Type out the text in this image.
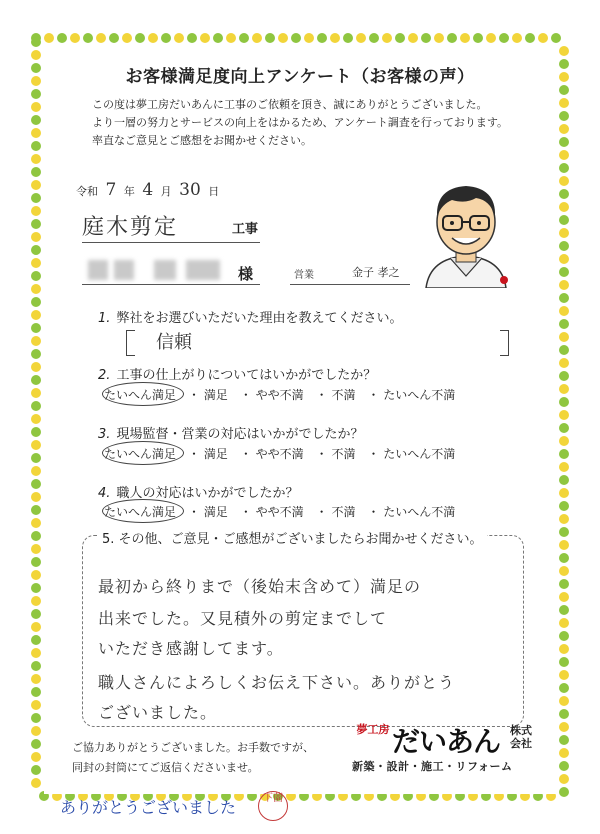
お客様満足度向上アンケート（お客様の声）
この度は夢工房だいあんに工事のご依頼を頂き、誠にありがとうございました。
より一層の努力とサービスの向上をはかるため、アンケート調査を行っております。
率直なご意見とご感想をお聞かせください。
令和 7 年 4 月 30 日
庭木剪定	工事
様	営業	金子 孝之
1. 弊社をお選びいただいた理由を教えてください。
信頼
2. 工事の仕上がりについてはいかがでしたか？
たいへん満足　・ 満足　・ やや不満　・ 不満　・ たいへん不満
3. 現場監督・営業の対応はいかがでしたか？
たいへん満足　・ 満足　・ やや不満　・ 不満　・ たいへん不満
4. 職人の対応はいかがでしたか？
たいへん満足　・ 満足　・ やや不満　・ 不満　・ たいへん不満
5. その他、ご意見・ご感想がございましたらお聞かせください。
最初から終りまで（後始末含めて）満足の
出来でした。又見積外の剪定までして
いただき感謝してます。
職人さんによろしくお伝え下さい。ありがとう
ございました。
ご協力ありがとうございました。お手数ですが、
同封の封筒にてご返信くださいませ。
夢工房 だいあん 株式会社
新築・設計・施工・リフォーム
ありがとうございました	下薗
